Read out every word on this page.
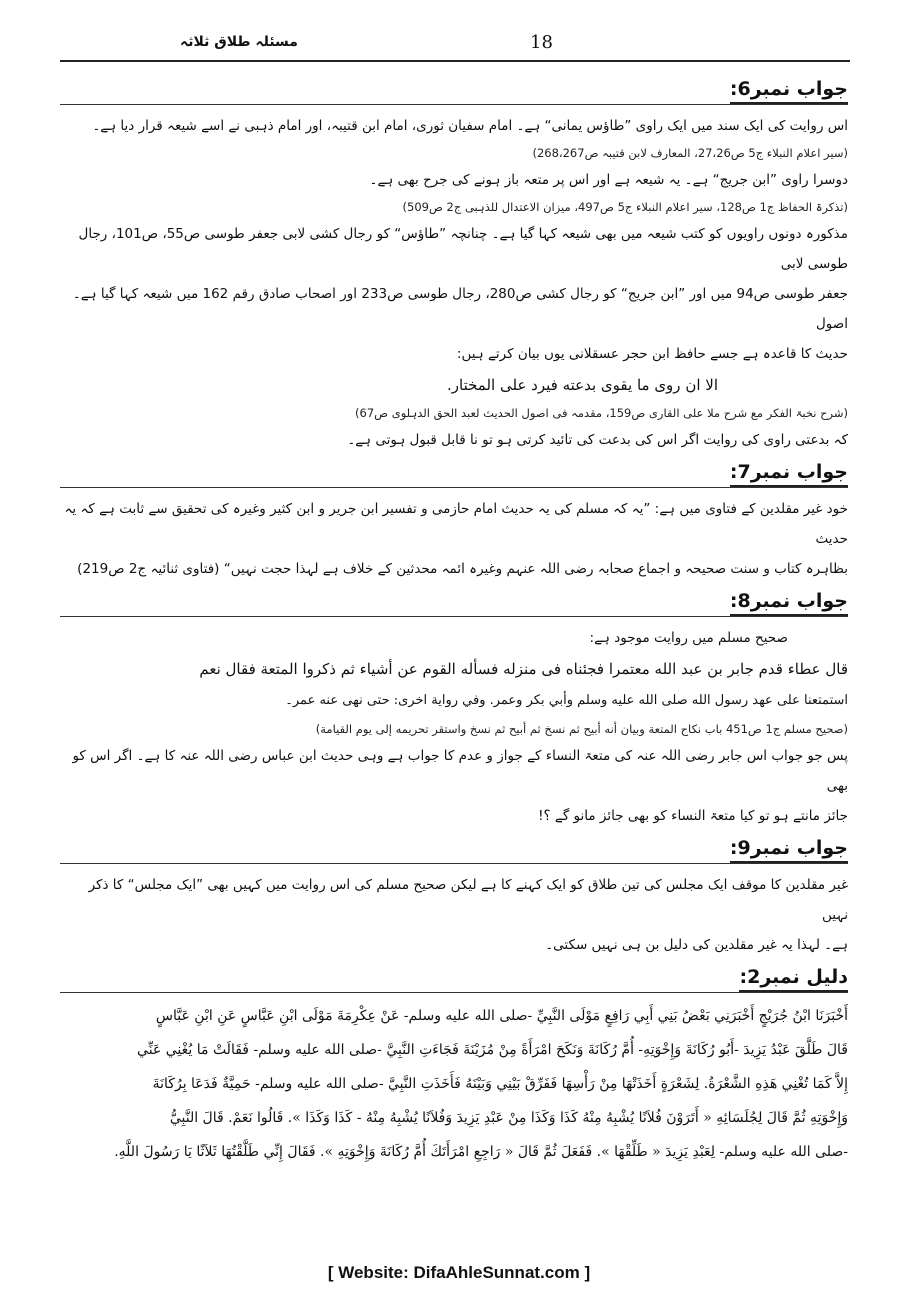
مسئلہ طلاق ثلاثہ	18
جواب نمبر6:

اس روایت کی ایک سند میں ایک راوی ”طاؤس یمانی“ ہے۔ امام سفیان ثوری، امام ابن قتیبہ، اور امام ذہبی نے اسے شیعہ قرار دیا ہے۔

(سیر اعلام النبلاء ج5 ص27،26، المعارف لابن قتیبہ ص268،267)

دوسرا راوی ”ابن جریج“ ہے۔ یہ شیعہ ہے اور اس پر متعہ باز ہونے کی جرح بھی ہے۔

(تذکرۃ الحفاظ ج1 ص128، سیر اعلام النبلاء ج5 ص497، میزان الاعتدال للذہبی ج2 ص509)

مذکورہ دونوں راویوں کو کتب شیعہ میں بھی شیعہ کہا گیا ہے۔ چنانچہ ”طاؤس“ کو رجال کشی لابی جعفر طوسی ص55، ص101، رجال طوسی لابی

جعفر طوسی ص94 میں اور ”ابن جریج“ کو رجال کشی ص280، رجال طوسی ص233 اور اصحاب صادق رقم 162 میں شیعہ کہا گیا ہے۔ اصول

حدیث کا قاعدہ ہے جسے حافظ ابن حجر عسقلانی یوں بیان کرتے ہیں:

الا ان روی ما یقوی بدعته فیرد علی المختار.

(شرح نخبۃ الفکر مع شرح ملا علی القاری ص159، مقدمہ فی اصول الحدیث لعبد الحق الدہلوی ص67)

کہ بدعتی راوی کی روایت اگر اس کی بدعت کی تائید کرتی ہو تو نا قابل قبول ہوتی ہے۔

جواب نمبر7:

خود غیر مقلدین کے فتاوی میں ہے: ”یہ کہ مسلم کی یہ حدیث امام حازمی و تفسیر ابن جریر و ابن کثیر وغیرہ کی تحقیق سے ثابت ہے کہ یہ حدیث

بظاہرہ کتاب و سنت صحیحہ و اجماع صحابہ رضی اللہ عنہم وغیرہ ائمہ محدثین کے خلاف ہے لہذا حجت نہیں“ (فتاوی ثنائیہ ج2 ص219)

جواب نمبر8:

صحیح مسلم میں روایت موجود ہے:

قال عطاء قدم جابر بن عبد الله معتمرا فجئناه فی منزله فسأله القوم عن أشياء ثم ذكروا المتعة فقال نعم

استمتعنا علی عهد رسول الله صلی الله علیه وسلم وأبي بكر وعمر. وفي رواية اخرى: حتى نهی عنه عمر۔

(صحیح مسلم ج1 ص451 باب نکاح المتعة وبيان أنه أبيح ثم نسخ ثم أبيح ثم نسخ واستقر تحريمه إلى يوم القيامة)

پس جو جواب اس جابر رضی اللہ عنہ کی متعۃ النساء کے جواز و عدم کا جواب ہے وہی حدیث ابن عباس رضی اللہ عنہ کا ہے۔ اگر اس کو بھی

جائز مانتے ہو تو کیا متعۃ النساء کو بھی جائز مانو گے ؟!

جواب نمبر9:

غیر مقلدین کا موقف ایک مجلس کی تین طلاق کو ایک کہنے کا ہے لیکن صحیح مسلم کی اس روایت میں کہیں بھی ”ایک مجلس“ کا ذکر نہیں

ہے۔ لہذا یہ غیر مقلدین کی دلیل بن ہی نہیں سکتی۔

دلیل نمبر2:

أَخْبَرَنَا ابْنُ جُرَيْجٍ أَخْبَرَنِي بَعْضُ بَنِي أَبِي رَافِعٍ مَوْلَى النَّبِيِّ -صلی الله علیه وسلم- عَنْ عِكْرِمَةَ مَوْلَى ابْنِ عَبَّاسٍ عَنِ ابْنِ عَبَّاسٍ

قَالَ طَلَّقَ عَبْدُ يَزِيدَ -أَبُو رُكَانَةَ وَإِخْوَتِهِ- أُمَّ رُكَانَةَ وَنَكَحَ امْرَأَةً مِنْ مُزَيْنَةَ فَجَاءَتِ النَّبِيَّ -صلی الله علیه وسلم- فَقَالَتْ مَا يُغْنِي عَنِّي

إِلاَّ كَمَا تُغْنِي هَذِهِ الشَّعْرَةُ. لِشَعْرَةٍ أَخَذَتْهَا مِنْ رَأْسِهَا فَفَرِّقْ بَيْنِي وَبَيْنَهُ فَأَخَذَتِ النَّبِيَّ -صلی الله علیه وسلم- حَمِيَّةٌ فَدَعَا بِرُكَانَةَ

وَإِخْوَتِهِ ثُمَّ قَالَ لِجُلَسَائِهِ « أَتَرَوْنَ فُلاَنًا يُشْبِهُ مِنْهُ كَذَا وَكَذَا مِنْ عَبْدِ يَزِيدَ وَفُلاَنًا يُشْبِهُ مِنْهُ - كَذَا وَكَذَا ». قَالُوا نَعَمْ. قَالَ النَّبِيُّ

-صلی الله علیه وسلم- لِعَبْدِ يَزِيدَ « طَلِّقْهَا ». فَفَعَلَ ثُمَّ قَالَ « رَاجِعِ امْرَأَتَكَ أُمَّ رُكَانَةَ وَإِخْوَتِهِ ». فَقَالَ إِنِّي طَلَّقْتُهَا ثَلاَثًا يَا رَسُولَ اللَّهِ.

[ Website: DifaAhleSunnat.com ]
